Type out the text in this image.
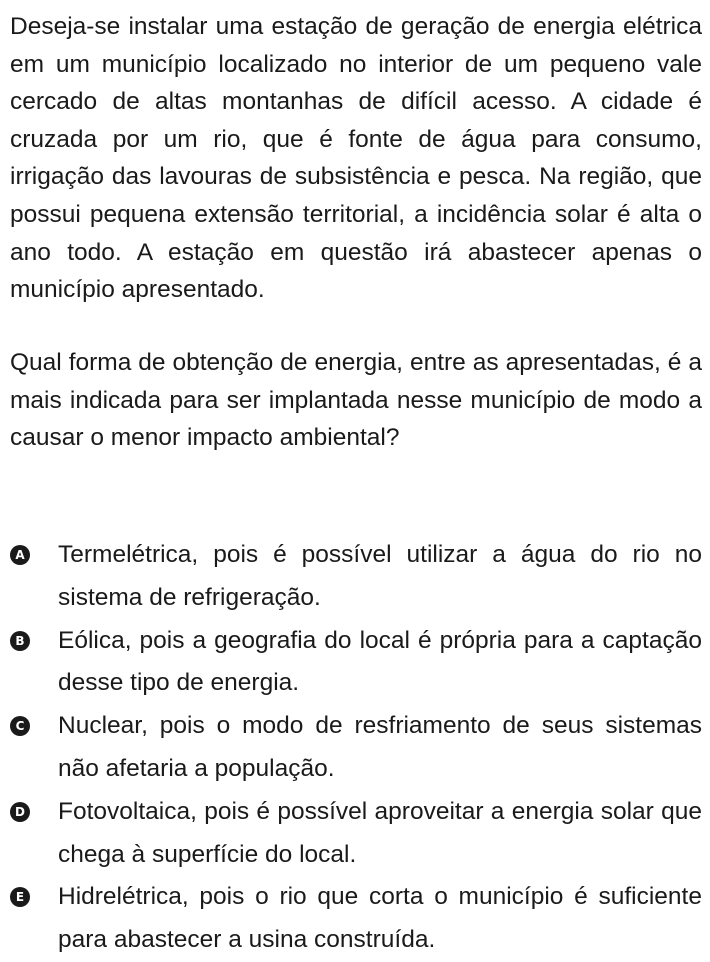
Deseja-se instalar uma estação de geração de energia elétrica em um município localizado no interior de um pequeno vale cercado de altas montanhas de difícil acesso. A cidade é cruzada por um rio, que é fonte de água para consumo, irrigação das lavouras de subsistência e pesca. Na região, que possui pequena extensão territorial, a incidência solar é alta o ano todo. A estação em questão irá abastecer apenas o município apresentado.

Qual forma de obtenção de energia, entre as apresentadas, é a mais indicada para ser implantada nesse município de modo a causar o menor impacto ambiental?

A Termelétrica, pois é possível utilizar a água do rio no sistema de refrigeração.

B Eólica, pois a geografia do local é própria para a captação desse tipo de energia.

C Nuclear, pois o modo de resfriamento de seus sistemas não afetaria a população.

D Fotovoltaica, pois é possível aproveitar a energia solar que chega à superfície do local.

E Hidrelétrica, pois o rio que corta o município é suficiente para abastecer a usina construída.
